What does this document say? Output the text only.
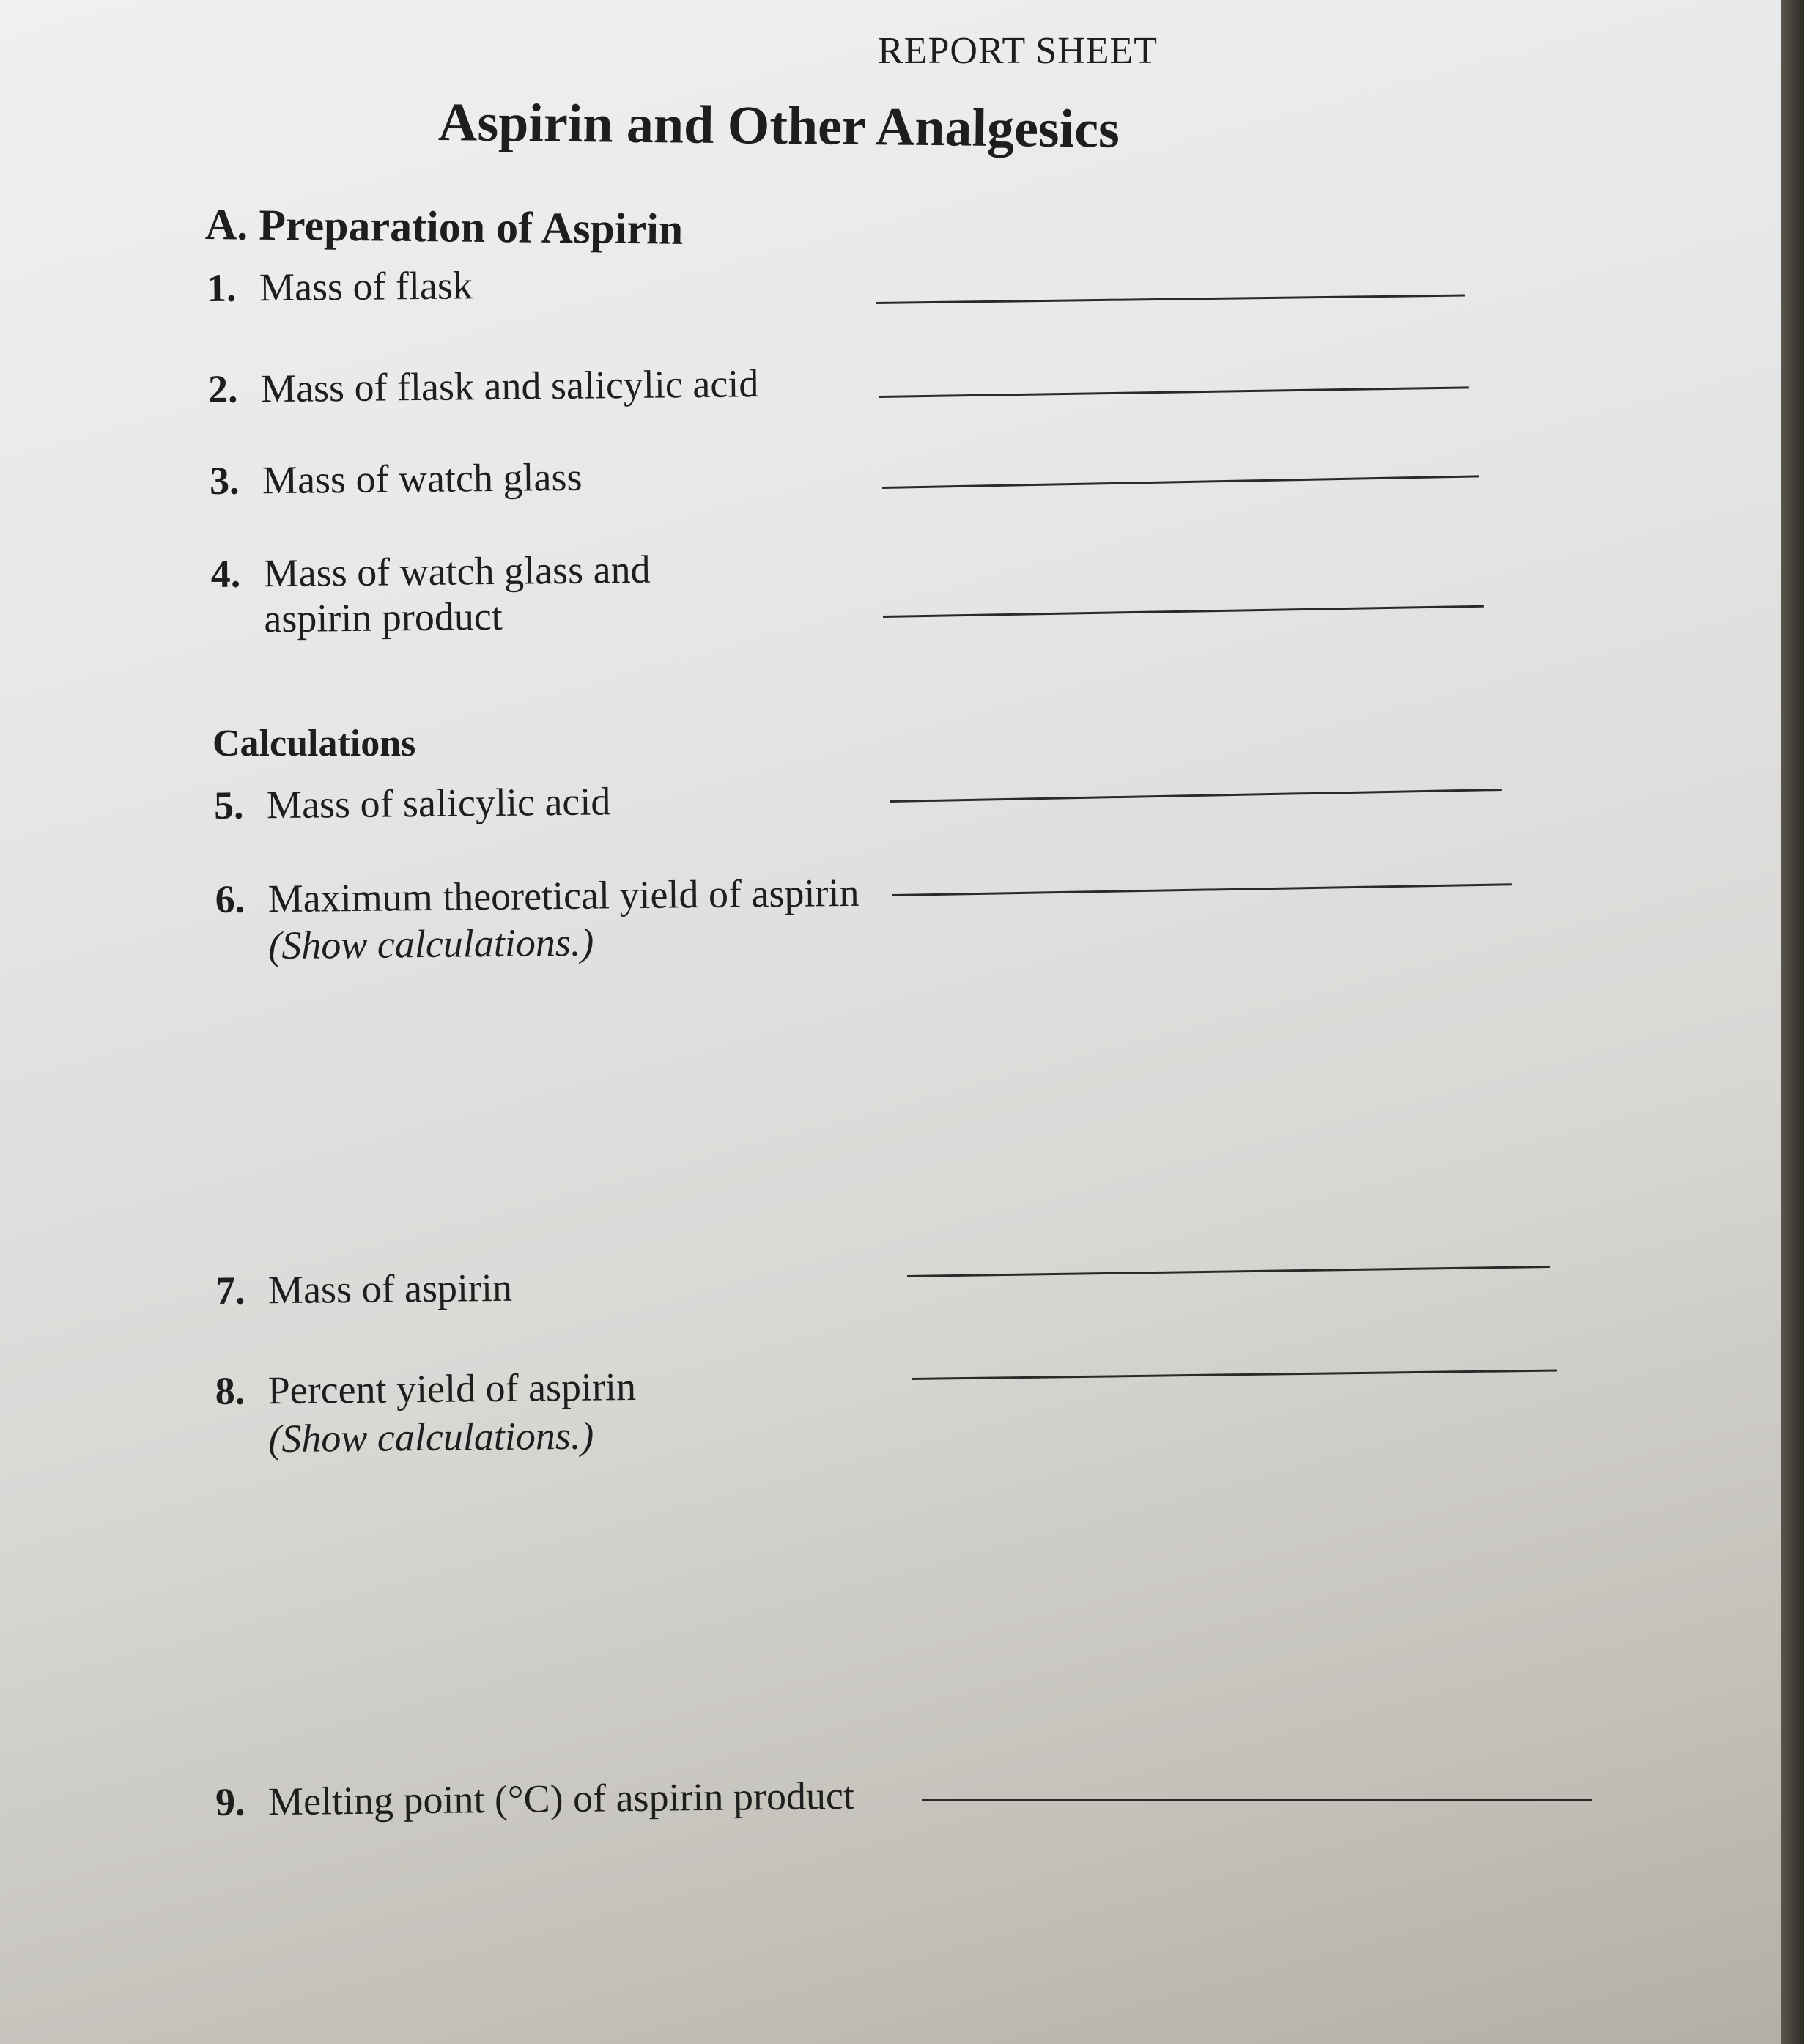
REPORT SHEET
Aspirin and Other Analgesics
A. Preparation of Aspirin
1. Mass of flask
2. Mass of flask and salicylic acid
3. Mass of watch glass
4. Mass of watch glass and
aspirin product
Calculations
5. Mass of salicylic acid
6. Maximum theoretical yield of aspirin
(Show calculations.)
7. Mass of aspirin
8. Percent yield of aspirin
(Show calculations.)
9. Melting point (°C) of aspirin product
